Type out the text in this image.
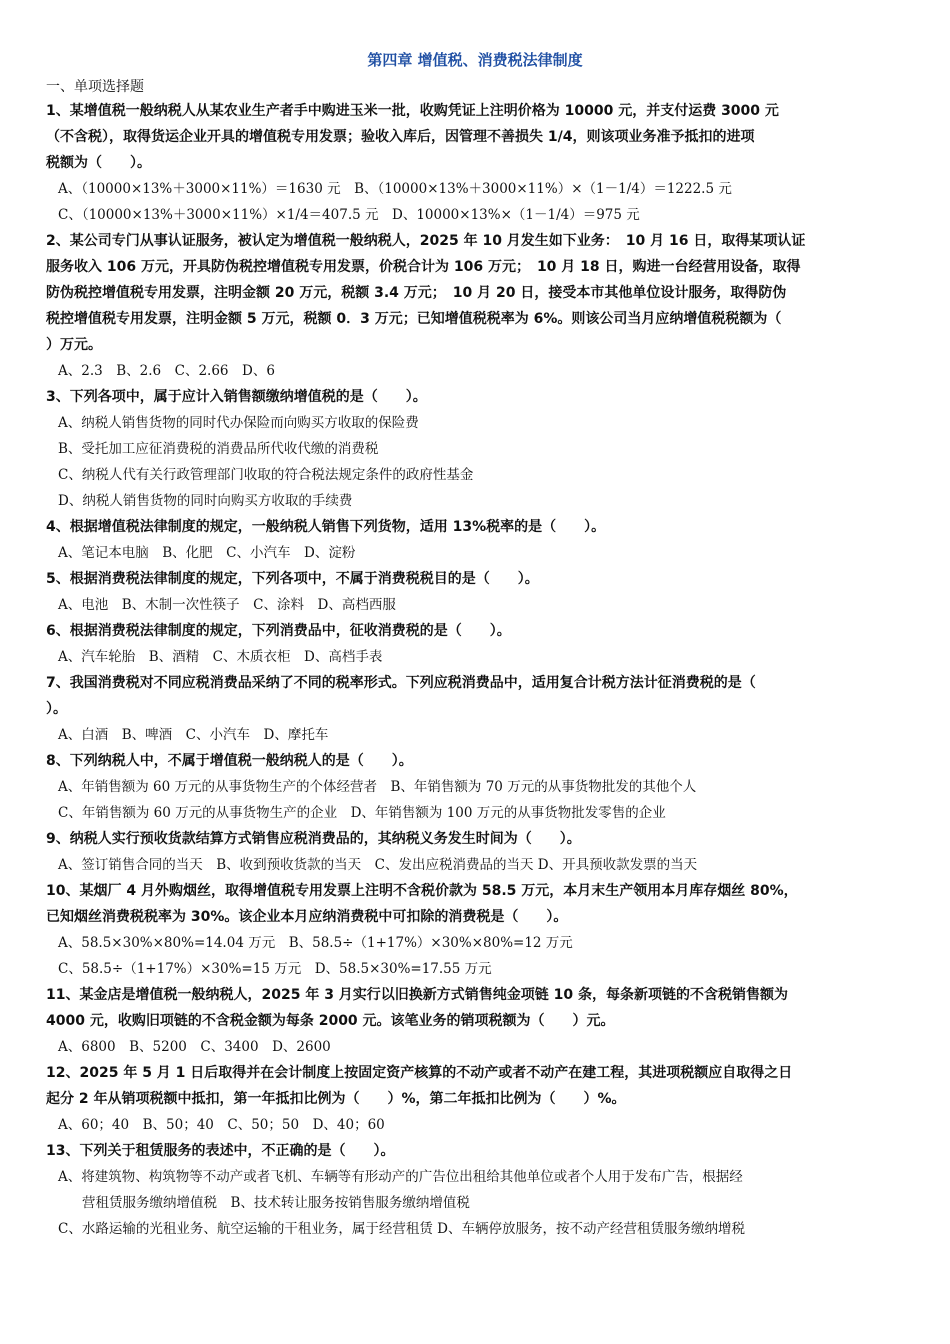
第四章 增值税、消费税法律制度
一、单项选择题
1、某增值税一般纳税人从某农业生产者手中购进玉米一批，收购凭证上注明价格为 10000 元，并支付运费 3000 元
（不含税），取得货运企业开具的增值税专用发票；验收入库后，因管理不善损失 1/4，则该项业务准予抵扣的进项
税额为（　　）。
A、（10000×13%＋3000×11%）＝1630 元　B、（10000×13%＋3000×11%）×（1－1/4）＝1222.5 元
C、（10000×13%＋3000×11%）×1/4＝407.5 元　D、10000×13%×（1－1/4）＝975 元
2、某公司专门从事认证服务，被认定为增值税一般纳税人，2025 年 10 月发生如下业务：　10 月 16 日，取得某项认证
服务收入 106 万元，开具防伪税控增值税专用发票，价税合计为 106 万元；　10 月 18 日，购进一台经营用设备，取得
防伪税控增值税专用发票，注明金额 20 万元，税额 3.4 万元；　10 月 20 日，接受本市其他单位设计服务，取得防伪
税控增值税专用发票，注明金额 5 万元，税额 0．3 万元；已知增值税税率为 6%。则该公司当月应纳增值税税额为（
）万元。
A、2.3　B、2.6　C、2.66　D、6
3、下列各项中，属于应计入销售额缴纳增值税的是（　　）。
A、纳税人销售货物的同时代办保险而向购买方收取的保险费
B、受托加工应征消费税的消费品所代收代缴的消费税
C、纳税人代有关行政管理部门收取的符合税法规定条件的政府性基金
D、纳税人销售货物的同时向购买方收取的手续费
4、根据增值税法律制度的规定，一般纳税人销售下列货物，适用 13%税率的是（　　）。
A、笔记本电脑　B、化肥　C、小汽车　D、淀粉
5、根据消费税法律制度的规定，下列各项中，不属于消费税税目的是（　　）。
A、电池　B、木制一次性筷子　C、涂料　D、高档西服
6、根据消费税法律制度的规定，下列消费品中，征收消费税的是（　　）。
A、汽车轮胎　B、酒精　C、木质衣柜　D、高档手表
7、我国消费税对不同应税消费品采纳了不同的税率形式。下列应税消费品中，适用复合计税方法计征消费税的是（
）。
A、白酒　B、啤酒　C、小汽车　D、摩托车
8、下列纳税人中，不属于增值税一般纳税人的是（　　）。
A、年销售额为 60 万元的从事货物生产的个体经营者　B、年销售额为 70 万元的从事货物批发的其他个人
C、年销售额为 60 万元的从事货物生产的企业　D、年销售额为 100 万元的从事货物批发零售的企业
9、纳税人实行预收货款结算方式销售应税消费品的，其纳税义务发生时间为（　　）。
A、签订销售合同的当天　B、收到预收货款的当天　C、发出应税消费品的当天 D、开具预收款发票的当天
10、某烟厂 4 月外购烟丝，取得增值税专用发票上注明不含税价款为 58.5 万元，本月末生产领用本月库存烟丝 80%，
已知烟丝消费税税率为 30%。该企业本月应纳消费税中可扣除的消费税是（　　）。
A、58.5×30%×80%=14.04 万元　B、58.5÷（1+17%）×30%×80%=12 万元
C、58.5÷（1+17%）×30%=15 万元　D、58.5×30%=17.55 万元
11、某金店是增值税一般纳税人，2025 年 3 月实行以旧换新方式销售纯金项链 10 条，每条新项链的不含税销售额为
4000 元，收购旧项链的不含税金额为每条 2000 元。该笔业务的销项税额为（　　）元。
A、6800　B、5200　C、3400　D、2600
12、2025 年 5 月 1 日后取得并在会计制度上按固定资产核算的不动产或者不动产在建工程，其进项税额应自取得之日
起分 2 年从销项税额中抵扣，第一年抵扣比例为（　　）%，第二年抵扣比例为（　　）%。
A、60；40　B、50；40　C、50；50　D、40；60
13、下列关于租赁服务的表述中，不正确的是（　　）。
A、将建筑物、构筑物等不动产或者飞机、车辆等有形动产的广告位出租给其他单位或者个人用于发布广告，根据经
营租赁服务缴纳增值税　B、技术转让服务按销售服务缴纳增值税
C、水路运输的光租业务、航空运输的干租业务，属于经营租赁 D、车辆停放服务，按不动产经营租赁服务缴纳增税
